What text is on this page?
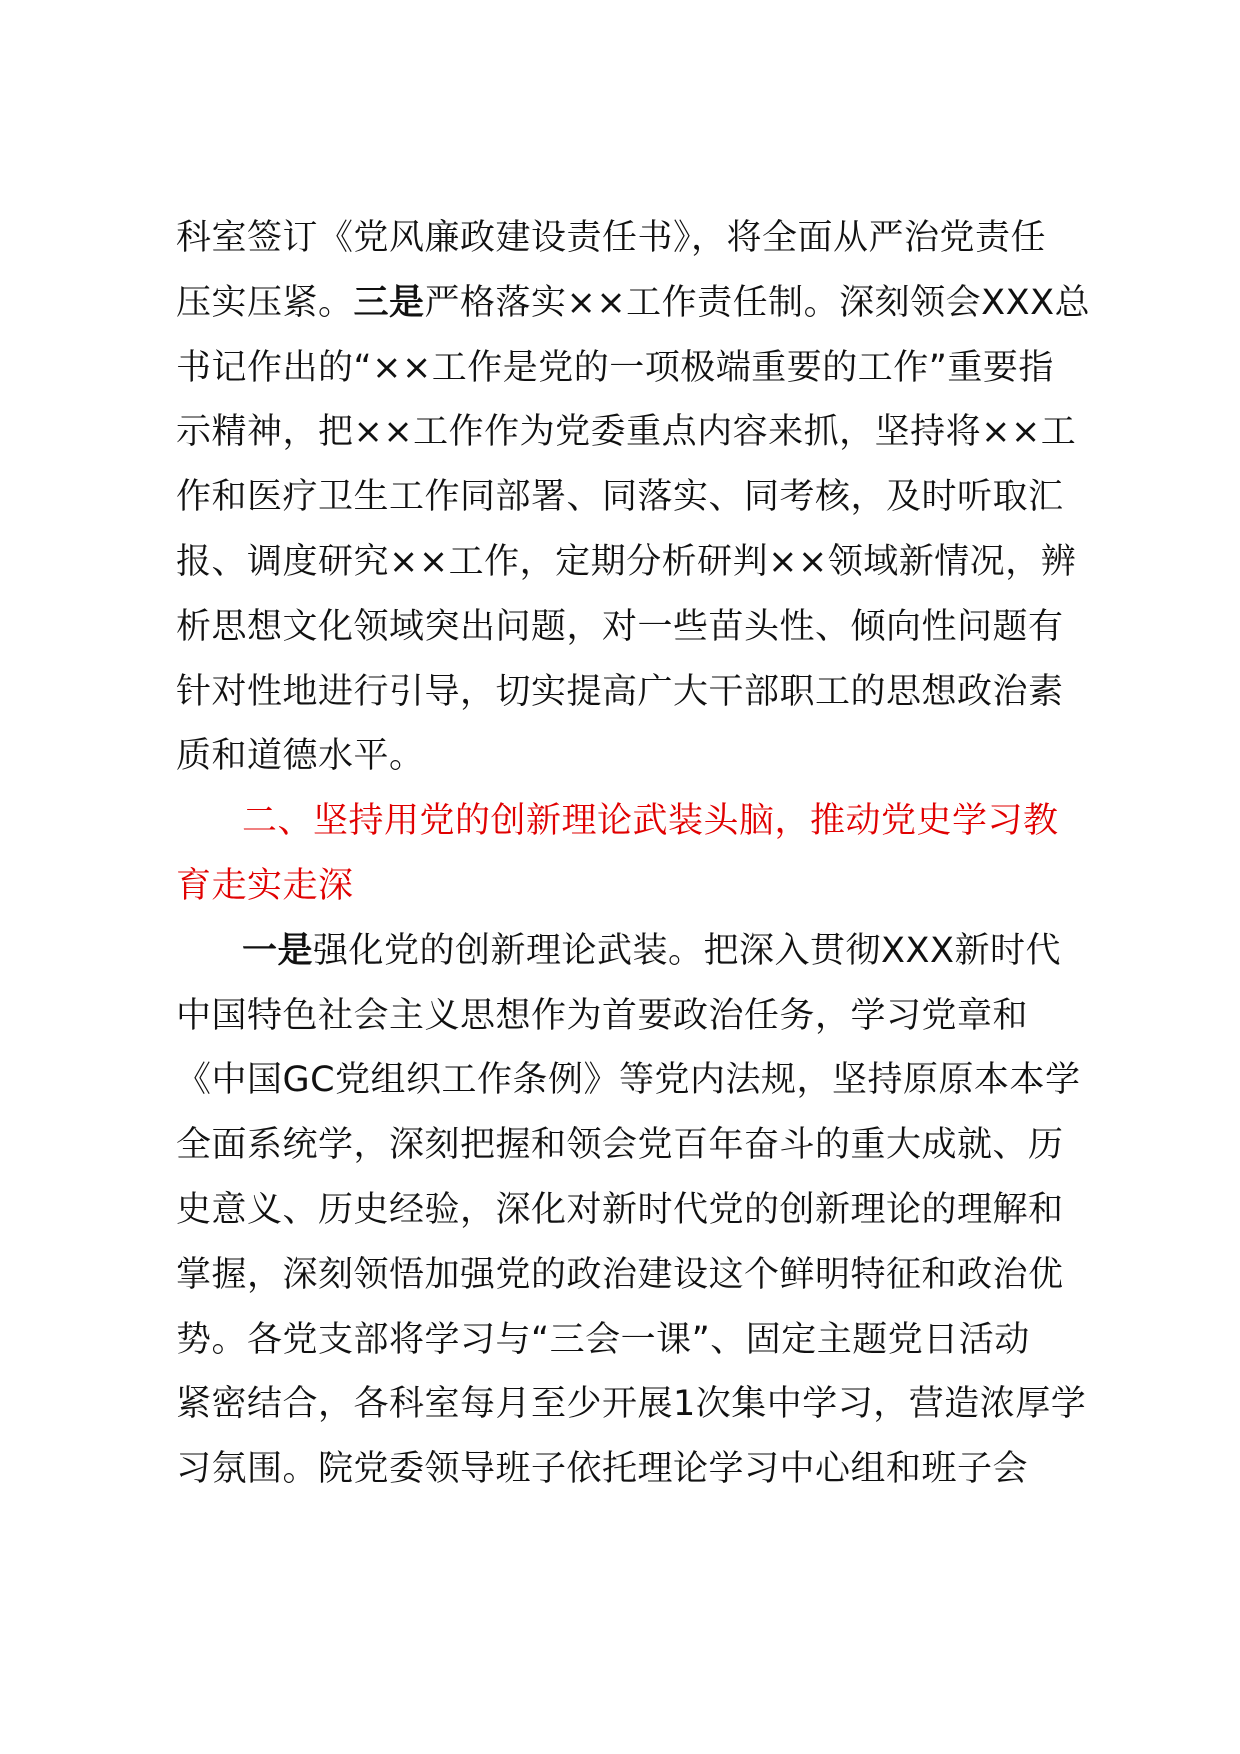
科室签订《党风廉政建设责任书》，将全面从严治党责任
压实压紧。三是严格落实××工作责任制。深刻领会XXX总
书记作出的“××工作是党的一项极端重要的工作”重要指
示精神，把××工作作为党委重点内容来抓，坚持将××工
作和医疗卫生工作同部署、同落实、同考核，及时听取汇
报、调度研究××工作，定期分析研判××领域新情况，辨
析思想文化领域突出问题，对一些苗头性、倾向性问题有
针对性地进行引导，切实提高广大干部职工的思想政治素
质和道德水平。
二、坚持用党的创新理论武装头脑，推动党史学习教
育走实走深
一是强化党的创新理论武装。把深入贯彻XXX新时代
中国特色社会主义思想作为首要政治任务，学习党章和
《中国GC党组织工作条例》等党内法规，坚持原原本本学
全面系统学，深刻把握和领会党百年奋斗的重大成就、历
史意义、历史经验，深化对新时代党的创新理论的理解和
掌握，深刻领悟加强党的政治建设这个鲜明特征和政治优
势。各党支部将学习与“三会一课”、固定主题党日活动
紧密结合，各科室每月至少开展1次集中学习，营造浓厚学
习氛围。院党委领导班子依托理论学习中心组和班子会
